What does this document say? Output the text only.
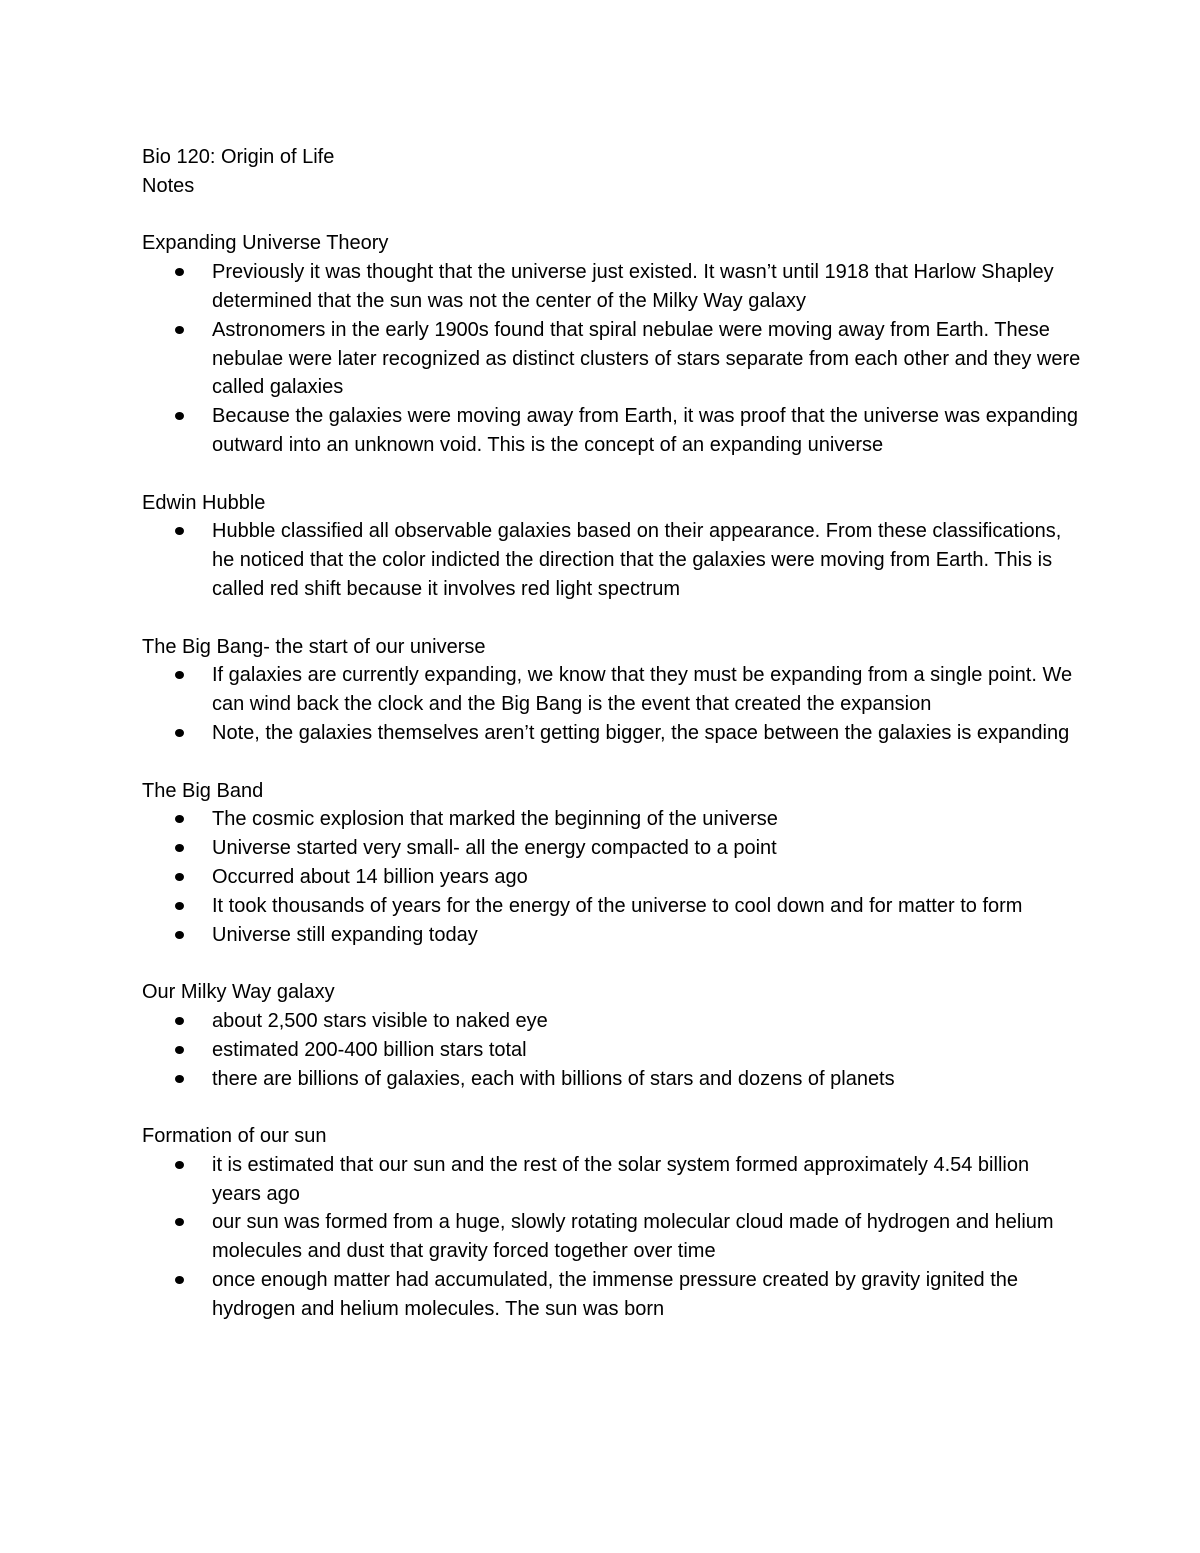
Bio 120: Origin of Life

Notes

Expanding Universe Theory
Previously it was thought that the universe just existed. It wasn’t until 1918 that Harlow Shapley determined that the sun was not the center of the Milky Way galaxy
Astronomers in the early 1900s found that spiral nebulae were moving away from Earth. These nebulae were later recognized as distinct clusters of stars separate from each other and they were called galaxies
Because the galaxies were moving away from Earth, it was proof that the universe was expanding outward into an unknown void. This is the concept of an expanding universe
Edwin Hubble
Hubble classified all observable galaxies based on their appearance. From these classifications, he noticed that the color indicted the direction that the galaxies were moving from Earth. This is called red shift because it involves red light spectrum
The Big Bang- the start of our universe
If galaxies are currently expanding, we know that they must be expanding from a single point. We can wind back the clock and the Big Bang is the event that created the expansion
Note, the galaxies themselves aren’t getting bigger, the space between the galaxies is expanding
The Big Band
The cosmic explosion that marked the beginning of the universe
Universe started very small- all the energy compacted to a point
Occurred about 14 billion years ago
It took thousands of years for the energy of the universe to cool down and for matter to form
Universe still expanding today
Our Milky Way galaxy
about 2,500 stars visible to naked eye
estimated 200-400 billion stars total
there are billions of galaxies, each with billions of stars and dozens of planets
Formation of our sun
it is estimated that our sun and the rest of the solar system formed approximately 4.54 billion years ago
our sun was formed from a huge, slowly rotating molecular cloud made of hydrogen and helium molecules and dust that gravity forced together over time
once enough matter had accumulated, the immense pressure created by gravity ignited the hydrogen and helium molecules. The sun was born
